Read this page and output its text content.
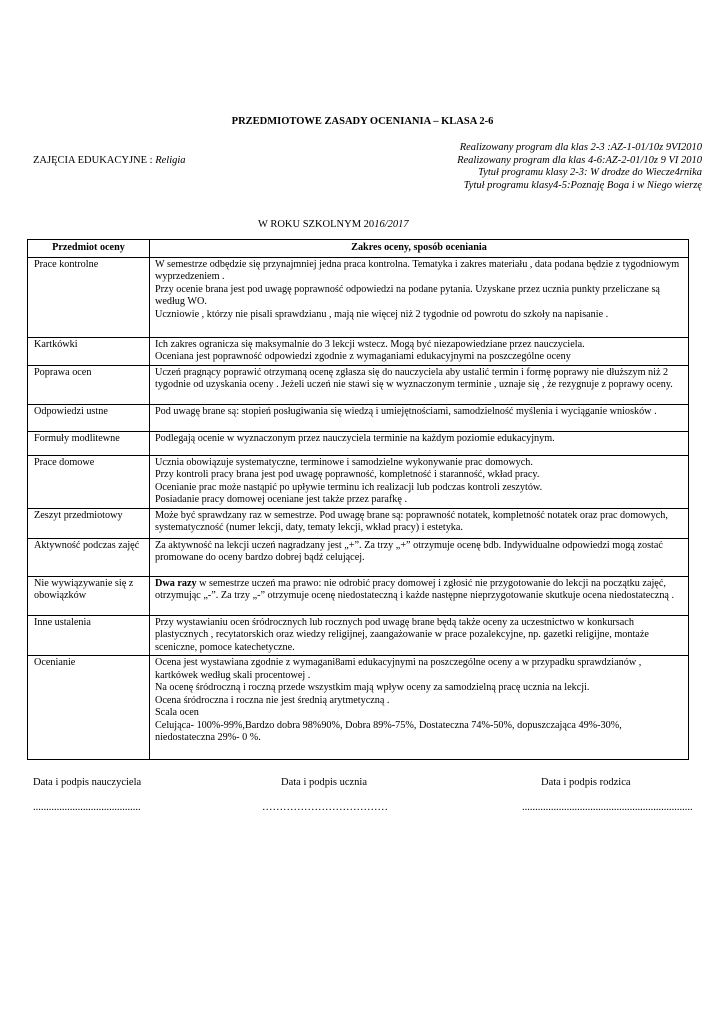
PRZEDMIOTOWE ZASADY OCENIANIA – KLASA 2-6
ZAJĘCIA EDUKACYJNE : Religia
Realizowany program dla klas 2-3 :AZ-1-01/10z 9VI2010
Realizowany program dla klas 4-6:AZ-2-01/10z 9 VI 2010
Tytuł programu klasy 2-3: W drodze do Wiecze4rnika
Tytuł programu klasy4-5:Poznaję Boga i w Niego wierzę
W ROKU SZKOLNYM 2016/2017
Przedmiot oceny	Zakres oceny, sposób oceniania
Prace kontrolne	W semestrze odbędzie się przynajmniej jedna praca kontrolna. Tematyka i zakres materiału , data podana będzie z tygodniowym wyprzedzeniem .

Przy ocenie brana jest pod uwagę poprawność odpowiedzi na podane pytania. Uzyskane przez ucznia punkty przeliczane są według WO.

Uczniowie , którzy nie pisali sprawdzianu , mają nie więcej niż 2 tygodnie od powrotu do szkoły na napisanie .

Kartkówki	Ich zakres ogranicza się maksymalnie do 3 lekcji wstecz. Mogą być niezapowiedziane przez nauczyciela.

Oceniana jest poprawność odpowiedzi zgodnie z wymaganiami edukacyjnymi na poszczególne oceny

Poprawa ocen	Uczeń pragnący poprawić otrzymaną ocenę zgłasza się do nauczyciela aby ustalić termin i formę poprawy nie dłuższym niż 2 tygodnie od uzyskania oceny . Jeżeli uczeń nie stawi się w wyznaczonym terminie , uznaje się , że rezygnuje z poprawy oceny.

Odpowiedzi ustne	Pod uwagę brane są: stopień posługiwania się wiedzą i umiejętnościami, samodzielność myślenia i wyciąganie wniosków .

Formuły modlitewne	Podlegają ocenie w wyznaczonym przez nauczyciela terminie na każdym poziomie edukacyjnym.

Prace domowe	Ucznia obowiązuje systematyczne, terminowe i samodzielne wykonywanie prac domowych.

Przy kontroli pracy brana jest pod uwagę poprawność, kompletność i staranność, wkład pracy.

Ocenianie prac może nastąpić po upływie terminu ich realizacji lub podczas kontroli zeszytów.

Posiadanie pracy domowej oceniane jest także przez parafkę .

Zeszyt przedmiotowy	Może być sprawdzany raz w semestrze. Pod uwagę brane są: poprawność notatek, kompletność notatek oraz prac domowych, systematyczność (numer lekcji, daty, tematy lekcji, wkład pracy) i estetyka.

Aktywność podczas zajęć	Za aktywność na lekcji uczeń nagradzany jest „+”. Za trzy „+” otrzymuje ocenę bdb. Indywidualne odpowiedzi mogą zostać promowane do oceny bardzo dobrej bądź celującej.

Nie wywiązywanie się z obowiązków	Dwa razy w semestrze uczeń ma prawo: nie odrobić pracy domowej i zgłosić nie przygotowanie do lekcji na początku zajęć, otrzymując „-”. Za trzy „-” otrzymuje ocenę niedostateczną i każde następne nieprzygotowanie skutkuje ocena niedostateczną .

Inne ustalenia	Przy wystawianiu ocen śródrocznych lub rocznych pod uwagę brane będą także oceny za uczestnictwo w konkursach plastycznych , recytatorskich oraz wiedzy religijnej, zaangażowanie w prace pozalekcyjne, np. gazetki religijne, montaże sceniczne, pomoce katechetyczne.

Ocenianie	Ocena jest wystawiana zgodnie z wymagani8ami edukacyjnymi na poszczególne oceny a w przypadku sprawdzianów , kartkówek według skali procentowej .

Na ocenę śródroczną i roczną przede wszystkim mają wpływ oceny za samodzielną pracę ucznia na lekcji.

Ocena śródroczna i roczna nie jest średnią arytmetyczną .

Scala ocen

Celująca- 100%-99%,Bardzo dobra 98%90%, Dobra 89%-75%, Dostateczna 74%-50%, dopuszczająca 49%-30%, niedostateczna 29%- 0 %.

Data i podpis nauczyciela	Data i podpis ucznia	Data i podpis rodzica
.........................................	………………………………	.................................................................
